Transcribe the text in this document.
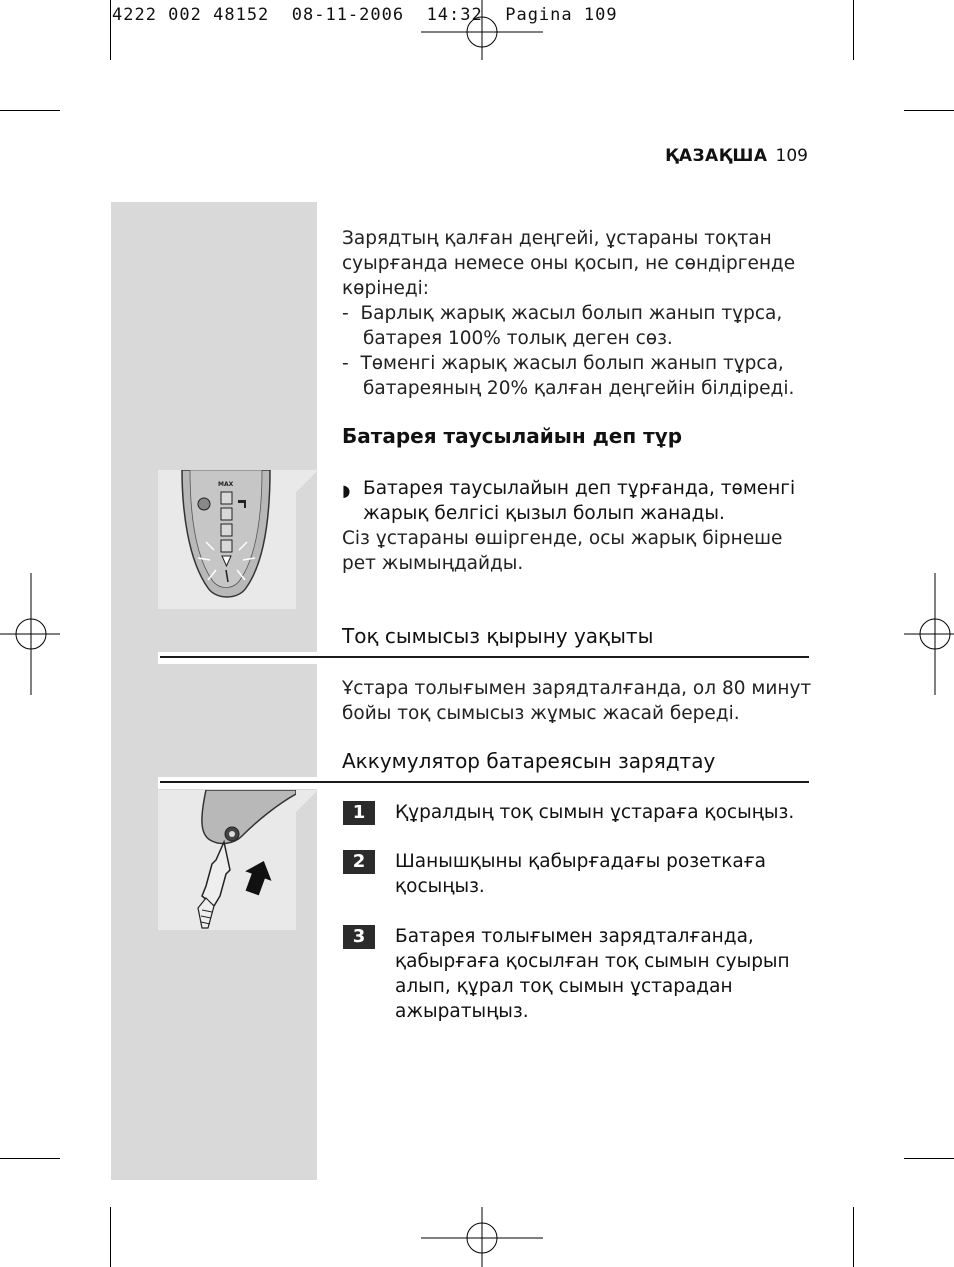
4222 002 48152  08-11-2006  14:32  Pagina 109
ҚАЗАҚША 109
Зарядтың қалған деңгейі, ұстараны тоқтан
суырғанда немесе оны қосып, не сөндіргенде
көрінеді:
-  Барлық жарық жасыл болып жанып тұрса,
батарея 100% толық деген сөз.
-  Төменгі жарық жасыл болып жанып тұрса,
батареяның 20% қалған деңгейін білдіреді.
Батарея таусылайын деп тұр
MAX	◗ Батарея таусылайын деп тұрғанда, төменгі
жарық белгісі қызыл болып жанады.
Сіз ұстараны өшіргенде, осы жарық бірнеше
рет жымыңдайды.
Тоқ сымысыз қырыну уақыты
Ұстара толығымен зарядталғанда, ол 80 минут
бойы тоқ сымысыз жұмыс жасай береді.
Аккумулятор батареясын зарядтау
1	Құралдың тоқ сымын ұстараға қосыңыз.
2	Шанышқыны қабырғадағы розеткаға
қосыңыз.
3	Батарея толығымен зарядталғанда,
қабырғаға қосылған тоқ сымын суырып
алып, құрал тоқ сымын ұстарадан
ажыратыңыз.
